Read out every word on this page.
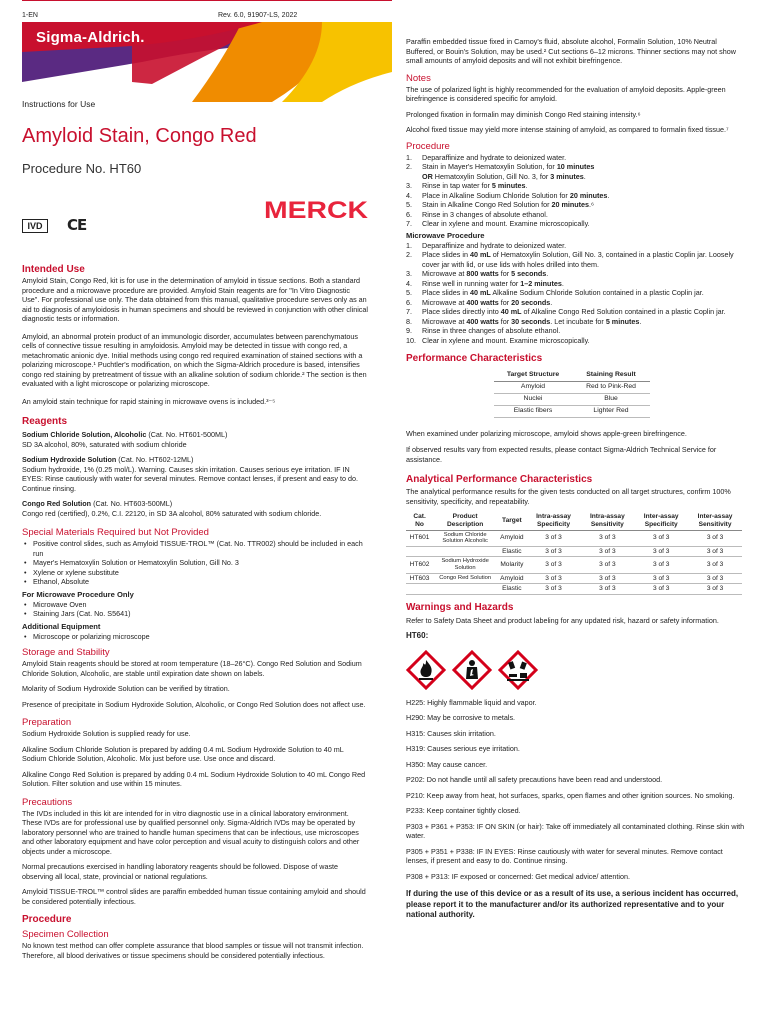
1-EN	Rev. 6.0, 91907-LS, 2022
Sigma-Aldrich.
Instructions for Use
Amyloid Stain, Congo Red
Procedure No. HT60
IVD	CE
MERCK
Intended Use

Amyloid Stain, Congo Red, kit is for use in the determination of amyloid in tissue sections. Both a standard procedure and a microwave procedure are provided. Amyloid Stain reagents are for "In Vitro Diagnostic Use". For professional use only. The data obtained from this manual, qualitative procedure serves only as an aid to diagnosis of amyloidosis in human specimens and should be reviewed in conjunction with other clinical diagnostic tests or information.

Amyloid, an abnormal protein product of an immunologic disorder, accumulates between parenchymatous cells of connective tissue resulting in amyloidosis. Amyloid may be detected in tissue with congo red, a metachromatic anionic dye. Initial methods using congo red required examination of stained sections with a polarizing microscope.¹ Puchtler's modification, on which the Sigma-Aldrich procedure is based, intensifies congo red staining by pretreatment of tissue with an alkaline solution of sodium chloride.² The section is then evaluated with a light microscope or polarizing microscope.

An amyloid stain technique for rapid staining in microwave ovens is included.³⁻⁵

Reagents

Sodium Chloride Solution, Alcoholic (Cat. No. HT601-500ML)

SD 3A alcohol, 80%, saturated with sodium chloride

Sodium Hydroxide Solution (Cat. No. HT602-12ML)

Sodium hydroxide, 1% (0.25 mol/L). Warning. Causes skin irritation. Causes serious eye irritation. IF IN EYES: Rinse cautiously with water for several minutes. Remove contact lenses, if present and easy to do. Continue rinsing.

Congo Red Solution (Cat. No. HT603-500ML)

Congo red (certified), 0.2%, C.I. 22120, in SD 3A alcohol, 80% saturated with sodium chloride.

Special Materials Required but Not Provided
• Positive control slides, such as Amyloid TISSUE-TROL™ (Cat. No. TTR002) should be included in each run
• Mayer's Hematoxylin Solution or Hematoxylin Solution, Gill No. 3
• Xylene or xylene substitute
• Ethanol, Absolute
For Microwave Procedure Only
• Microwave Oven
• Staining Jars (Cat. No. S5641)
Additional Equipment
• Microscope or polarizing microscope
Storage and Stability

Amyloid Stain reagents should be stored at room temperature (18–26°C). Congo Red Solution and Sodium Chloride Solution, Alcoholic, are stable until expiration date shown on labels.

Molarity of Sodium Hydroxide Solution can be verified by titration.

Presence of precipitate in Sodium Hydroxide Solution, Alcoholic, or Congo Red Solution does not affect use.

Preparation

Sodium Hydroxide Solution is supplied ready for use.

Alkaline Sodium Chloride Solution is prepared by adding 0.4 mL Sodium Hydroxide Solution to 40 mL Sodium Chloride Solution, Alcoholic. Mix just before use. Use once and discard.

Alkaline Congo Red Solution is prepared by adding 0.4 mL Sodium Hydroxide Solution to 40 mL Congo Red Solution. Filter solution and use within 15 minutes.

Precautions

The IVDs included in this kit are intended for in vitro diagnostic use in a clinical laboratory environment. These IVDs are for professional use by qualified personnel only. Sigma-Aldrich IVDs may be operated by laboratory personnel who are trained to handle human specimens that can be infectious, use microscopes and other laboratory equipment and have color perception and visual acuity to distinguish colors and other objects under a microscope.

Normal precautions exercised in handling laboratory reagents should be followed. Dispose of waste observing all local, state, provincial or national regulations.

Amyloid TISSUE-TROL™ control slides are paraffin embedded human tissue containing amyloid and should be considered potentially infectious.

Procedure
Specimen Collection

No known test method can offer complete assurance that blood samples or tissue will not transmit infection. Therefore, all blood derivatives or tissue specimens should be considered potentially infectious.

Paraffin embedded tissue fixed in Carnoy's fluid, absolute alcohol, Formalin Solution, 10% Neutral Buffered, or Bouin's Solution, may be used.² Cut sections 6–12 microns. Thinner sections may not show small amounts of amyloid deposits and will not exhibit birefringence.

Notes

The use of polarized light is highly recommended for the evaluation of amyloid deposits. Apple-green birefringence is considered specific for amyloid.

Prolonged fixation in formalin may diminish Congo Red staining intensity.⁶

Alcohol fixed tissue may yield more intense staining of amyloid, as compared to formalin fixed tissue.⁷

Procedure
1. Deparaffinize and hydrate to deionized water.
2. Stain in Mayer's Hematoxylin Solution, for 10 minutes
OR Hematoxylin Solution, Gill No. 3, for 3 minutes.
3. Rinse in tap water for 5 minutes.
4. Place in Alkaline Sodium Chloride Solution for 20 minutes.
5. Stain in Alkaline Congo Red Solution for 20 minutes.⁶
6. Rinse in 3 changes of absolute ethanol.
7. Clear in xylene and mount. Examine microscopically.
Microwave Procedure
1. Deparaffinize and hydrate to deionized water.
2. Place slides in 40 mL of Hematoxylin Solution, Gill No. 3, contained in a plastic Coplin jar. Loosely cover jar with lid, or use lids with holes drilled into them.
3. Microwave at 800 watts for 5 seconds.
4. Rinse well in running water for 1–2 minutes.
5. Place slides in 40 mL Alkaline Sodium Chloride Solution contained in a plastic Coplin jar.
6. Microwave at 400 watts for 20 seconds.
7. Place slides directly into 40 mL of Alkaline Congo Red Solution contained in a plastic Coplin jar.
8. Microwave at 400 watts for 30 seconds. Let incubate for 5 minutes.
9. Rinse in three changes of absolute ethanol.
10. Clear in xylene and mount. Examine microscopically.
Performance Characteristics
Target Structure	Staining Result
Amyloid	Red to Pink-Red
Nuclei	Blue
Elastic fibers	Lighter Red

When examined under polarizing microscope, amyloid shows apple-green birefringence.

If observed results vary from expected results, please contact Sigma-Aldrich Technical Service for assistance.

Analytical Performance Characteristics

The analytical performance results for the given tests conducted on all target structures, confirm 100% sensitivity, specificity, and repeatability.

Cat. No	Product Description	Target	Intra-assay Specificity	Intra-assay Sensitivity	Inter-assay Specificity	Inter-assay Sensitivity
HT601	Sodium Chloride Solution Alcoholic	Amyloid	3 of 3	3 of 3	3 of 3	3 of 3
		Elastic	3 of 3	3 of 3	3 of 3	3 of 3
HT602	Sodium Hydroxide Solution	Molarity	3 of 3	3 of 3	3 of 3	3 of 3
HT603	Congo Red Solution	Amyloid	3 of 3	3 of 3	3 of 3	3 of 3
		Elastic	3 of 3	3 of 3	3 of 3	3 of 3
Warnings and Hazards

Refer to Safety Data Sheet and product labeling for any updated risk, hazard or safety information.

HT60:

H225: Highly flammable liquid and vapor.

H290: May be corrosive to metals.

H315: Causes skin irritation.

H319: Causes serious eye irritation.

H350: May cause cancer.

P202: Do not handle until all safety precautions have been read and understood.

P210: Keep away from heat, hot surfaces, sparks, open flames and other ignition sources. No smoking.

P233: Keep container tightly closed.

P303 + P361 + P353: IF ON SKIN (or hair): Take off immediately all contaminated clothing. Rinse skin with water.

P305 + P351 + P338: IF IN EYES: Rinse cautiously with water for several minutes. Remove contact lenses, if present and easy to do. Continue rinsing.

P308 + P313: IF exposed or concerned: Get medical advice/ attention.

If during the use of this device or as a result of its use, a serious incident has occurred, please report it to the manufacturer and/or its authorized representative and to your national authority.
